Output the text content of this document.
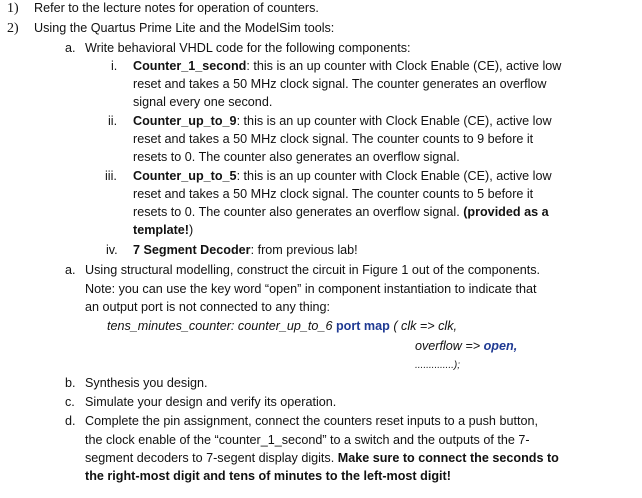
1) Refer to the lecture notes for operation of counters.
2) Using the Quartus Prime Lite and the ModelSim tools:
a. Write behavioral VHDL code for the following components:
i. Counter_1_second: this is an up counter with Clock Enable (CE), active low
reset and takes a 50 MHz clock signal. The counter generates an overflow
signal every one second.
ii. Counter_up_to_9: this is an up counter with Clock Enable (CE), active low
reset and takes a 50 MHz clock signal. The counter counts to 9 before it
resets to 0. The counter also generates an overflow signal.
iii. Counter_up_to_5: this is an up counter with Clock Enable (CE), active low
reset and takes a 50 MHz clock signal. The counter counts to 5 before it
resets to 0. The counter also generates an overflow signal. (provided as a
template!)
iv. 7 Segment Decoder: from previous lab!
a. Using structural modelling, construct the circuit in Figure 1 out of the components.
Note: you can use the key word “open” in component instantiation to indicate that
an output port is not connected to any thing:
tens_minutes_counter: counter_up_to_6 port map ( clk => clk,
overflow => open,
..............);
b. Synthesis you design.
c. Simulate your design and verify its operation.
d. Complete the pin assignment, connect the counters reset inputs to a push button,
the clock enable of the “counter_1_second” to a switch and the outputs of the 7-
segment decoders to 7-segent display digits. Make sure to connect the seconds to
the right-most digit and tens of minutes to the left-most digit!
